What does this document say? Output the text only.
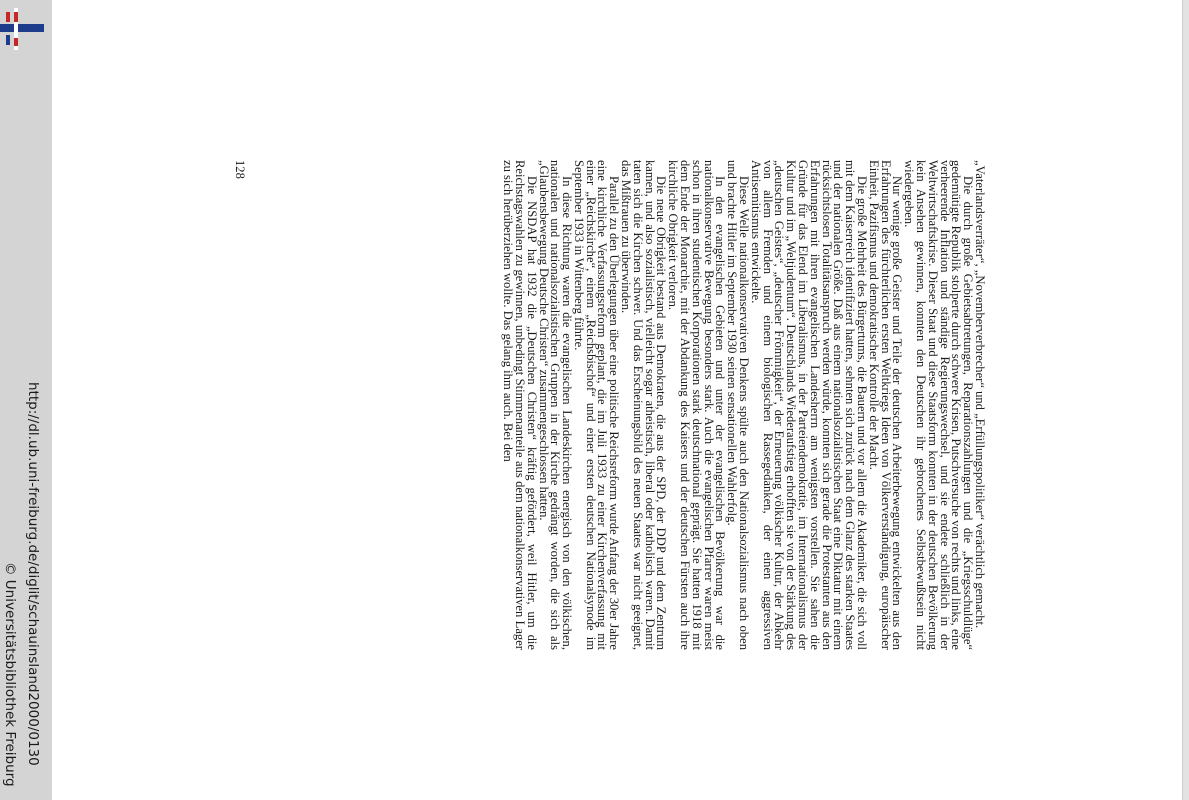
http://dl.ub.uni-freiburg.de/diglit/schauinsland2000/0130
© Universitätsbibliothek Freiburg

„Vaterlandsverräter“, „Novemberverbrecher“ und „Erfüllungspolitiker“ verächtlich gemacht.

Die durch große Gebietsabtretungen, Reparationszahlungen und die „Kriegsschuldlüge“ gedemütigte Republik stolperte durch schwere Krisen, Putschversuche von rechts und links, eine verheerende Inflation und ständige Regierungswechsel, und sie endete schließlich in der Weltwirtschaftskrise. Dieser Staat und diese Staatsform konnten in der deutschen Bevölkerung kein Ansehen gewinnen, konnten den Deutschen ihr gebrochenes Selbstbewußtsein nicht wiedergeben.

Nur wenige große Geister und Teile der deutschen Arbeiterbewegung entwickelten aus den Erfahrungen des fürchterlichen ersten Weltkriegs Ideen von Völkerverständigung, europäischer Einheit, Pazifismus und demokratischer Kontrolle der Macht.

Die große Mehrheit des Bürgertums, die Bauern und vor allem die Akademiker, die sich voll mit dem Kaiserreich identifiziert hatten, sehnten sich zurück nach dem Glanz des starken Staates und der nationalen Größe. Daß aus einem nationalsozialistischen Staat eine Diktatur mit einem rücksichtslosen Totalitätsanspruch werden würde, konnten sich gerade die Protestanten aus den Erfahrungen mit ihren evangelischen Landesherrn am wenigsten vorstellen. Sie sahen die Gründe für das Elend im Liberalismus, in der Parteiendemokratie, im Internationalismus der Kultur und im „Weltjudentum“. Deutschlands Wiederaufstieg erhofften sie von der Stärkung des „deutschen Geistes“, „deutscher Frömmigkeit“, der Erneuerung völkischer Kultur, der Abkehr von allem Fremden und einem biologischen Rassegedanken, der einen aggressiven Antisemitismus entwickelte.

Diese Welle nationalkonservativen Denkens spülte auch den Nationalsozialismus nach oben und brachte Hitler im September 1930 seinen sensationellen Wahlerfolg.

In den evangelischen Gebieten und unter der evangelischen Bevölkerung war die nationalkonservative Bewegung besonders stark. Auch die evangelischen Pfarrer waren meist schon in ihren studentischen Korporationen stark deutschnational geprägt. Sie hatten 1918 mit dem Ende der Monarchie, mit der Abdankung des Kaisers und der deutschen Fürsten auch ihre kirchliche Obrigkeit verloren.

Die neue Obrigkeit bestand aus Demokraten, die aus der SPD, der DDP und dem Zentrum kamen, und also sozialistisch, vielleicht sogar atheistisch, liberal oder katholisch waren. Damit taten sich die Kirchen schwer. Und das Erscheinungsbild des neuen Staates war nicht geeignet, das Mißtrauen zu überwinden.

Parallel zu den Überlegungen über eine politische Reichsreform wurde Anfang der 30er Jahre eine kirchliche Verfassungsreform geplant, die im Juli 1933 zu einer Kirchenverfassung mit einer „Reichskirche“, einem „Reichsbischof“ und einer ersten deutschen Nationalsynode im September 1933 in Wittenberg führte.

In diese Richtung waren die evangelischen Landeskirchen energisch von den völkischen, nationalen und nationalsozialistischen Gruppen in der Kirche gedrängt worden, die sich als „Glaubensbewegung Deutsche Christen“ zusammengeschlossen hatten.

Die NSDAP hat 1932 die „Deutschen Christen“ kräftig gefördert, weil Hitler, um die Reichstagswahlen zu gewinnen, unbedingt Stimmenanteile aus dem nationalkonservativen Lager zu sich herüberziehen wollte. Das gelang ihm auch. Bei den

128
